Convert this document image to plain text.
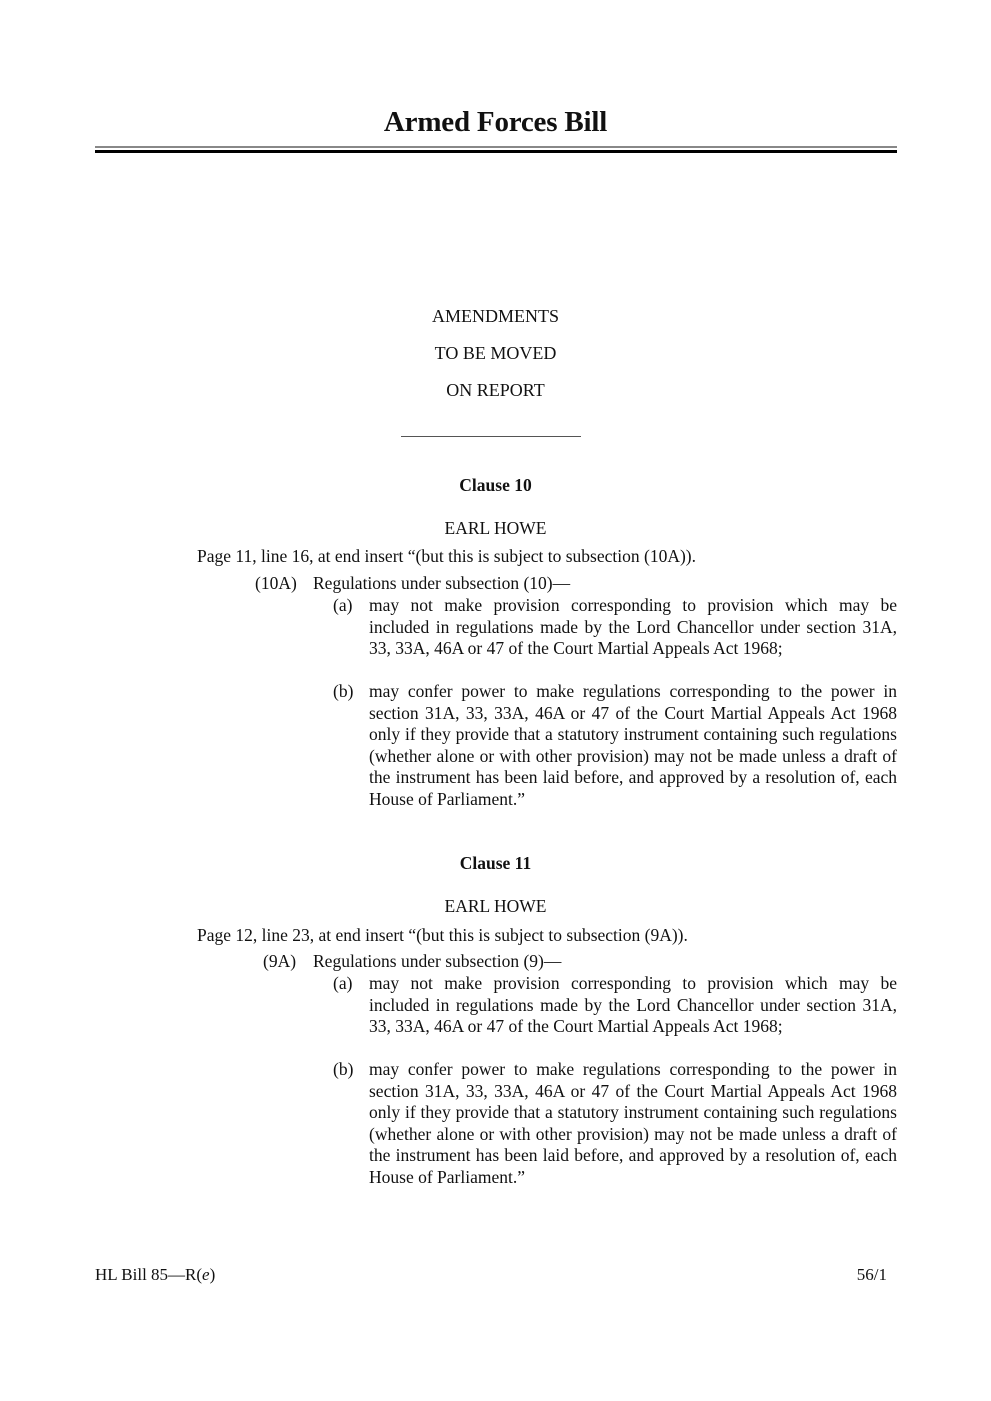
Armed Forces Bill
AMENDMENTS
TO BE MOVED
ON REPORT
Clause 10
EARL HOWE
Page 11, line 16, at end insert “(but this is subject to subsection (10A)).
(10A) Regulations under subsection (10)—
(a) may not make provision corresponding to provision which may be included in regulations made by the Lord Chancellor under section 31A, 33, 33A, 46A or 47 of the Court Martial Appeals Act 1968;
(b) may confer power to make regulations corresponding to the power in section 31A, 33, 33A, 46A or 47 of the Court Martial Appeals Act 1968 only if they provide that a statutory instrument containing such regulations (whether alone or with other provision) may not be made unless a draft of the instrument has been laid before, and approved by a resolution of, each House of Parliament.”
Clause 11
EARL HOWE
Page 12, line 23, at end insert “(but this is subject to subsection (9A)).
(9A) Regulations under subsection (9)—
(a) may not make provision corresponding to provision which may be included in regulations made by the Lord Chancellor under section 31A, 33, 33A, 46A or 47 of the Court Martial Appeals Act 1968;
(b) may confer power to make regulations corresponding to the power in section 31A, 33, 33A, 46A or 47 of the Court Martial Appeals Act 1968 only if they provide that a statutory instrument containing such regulations (whether alone or with other provision) may not be made unless a draft of the instrument has been laid before, and approved by a resolution of, each House of Parliament.”
HL Bill 85—R(e)	56/1
